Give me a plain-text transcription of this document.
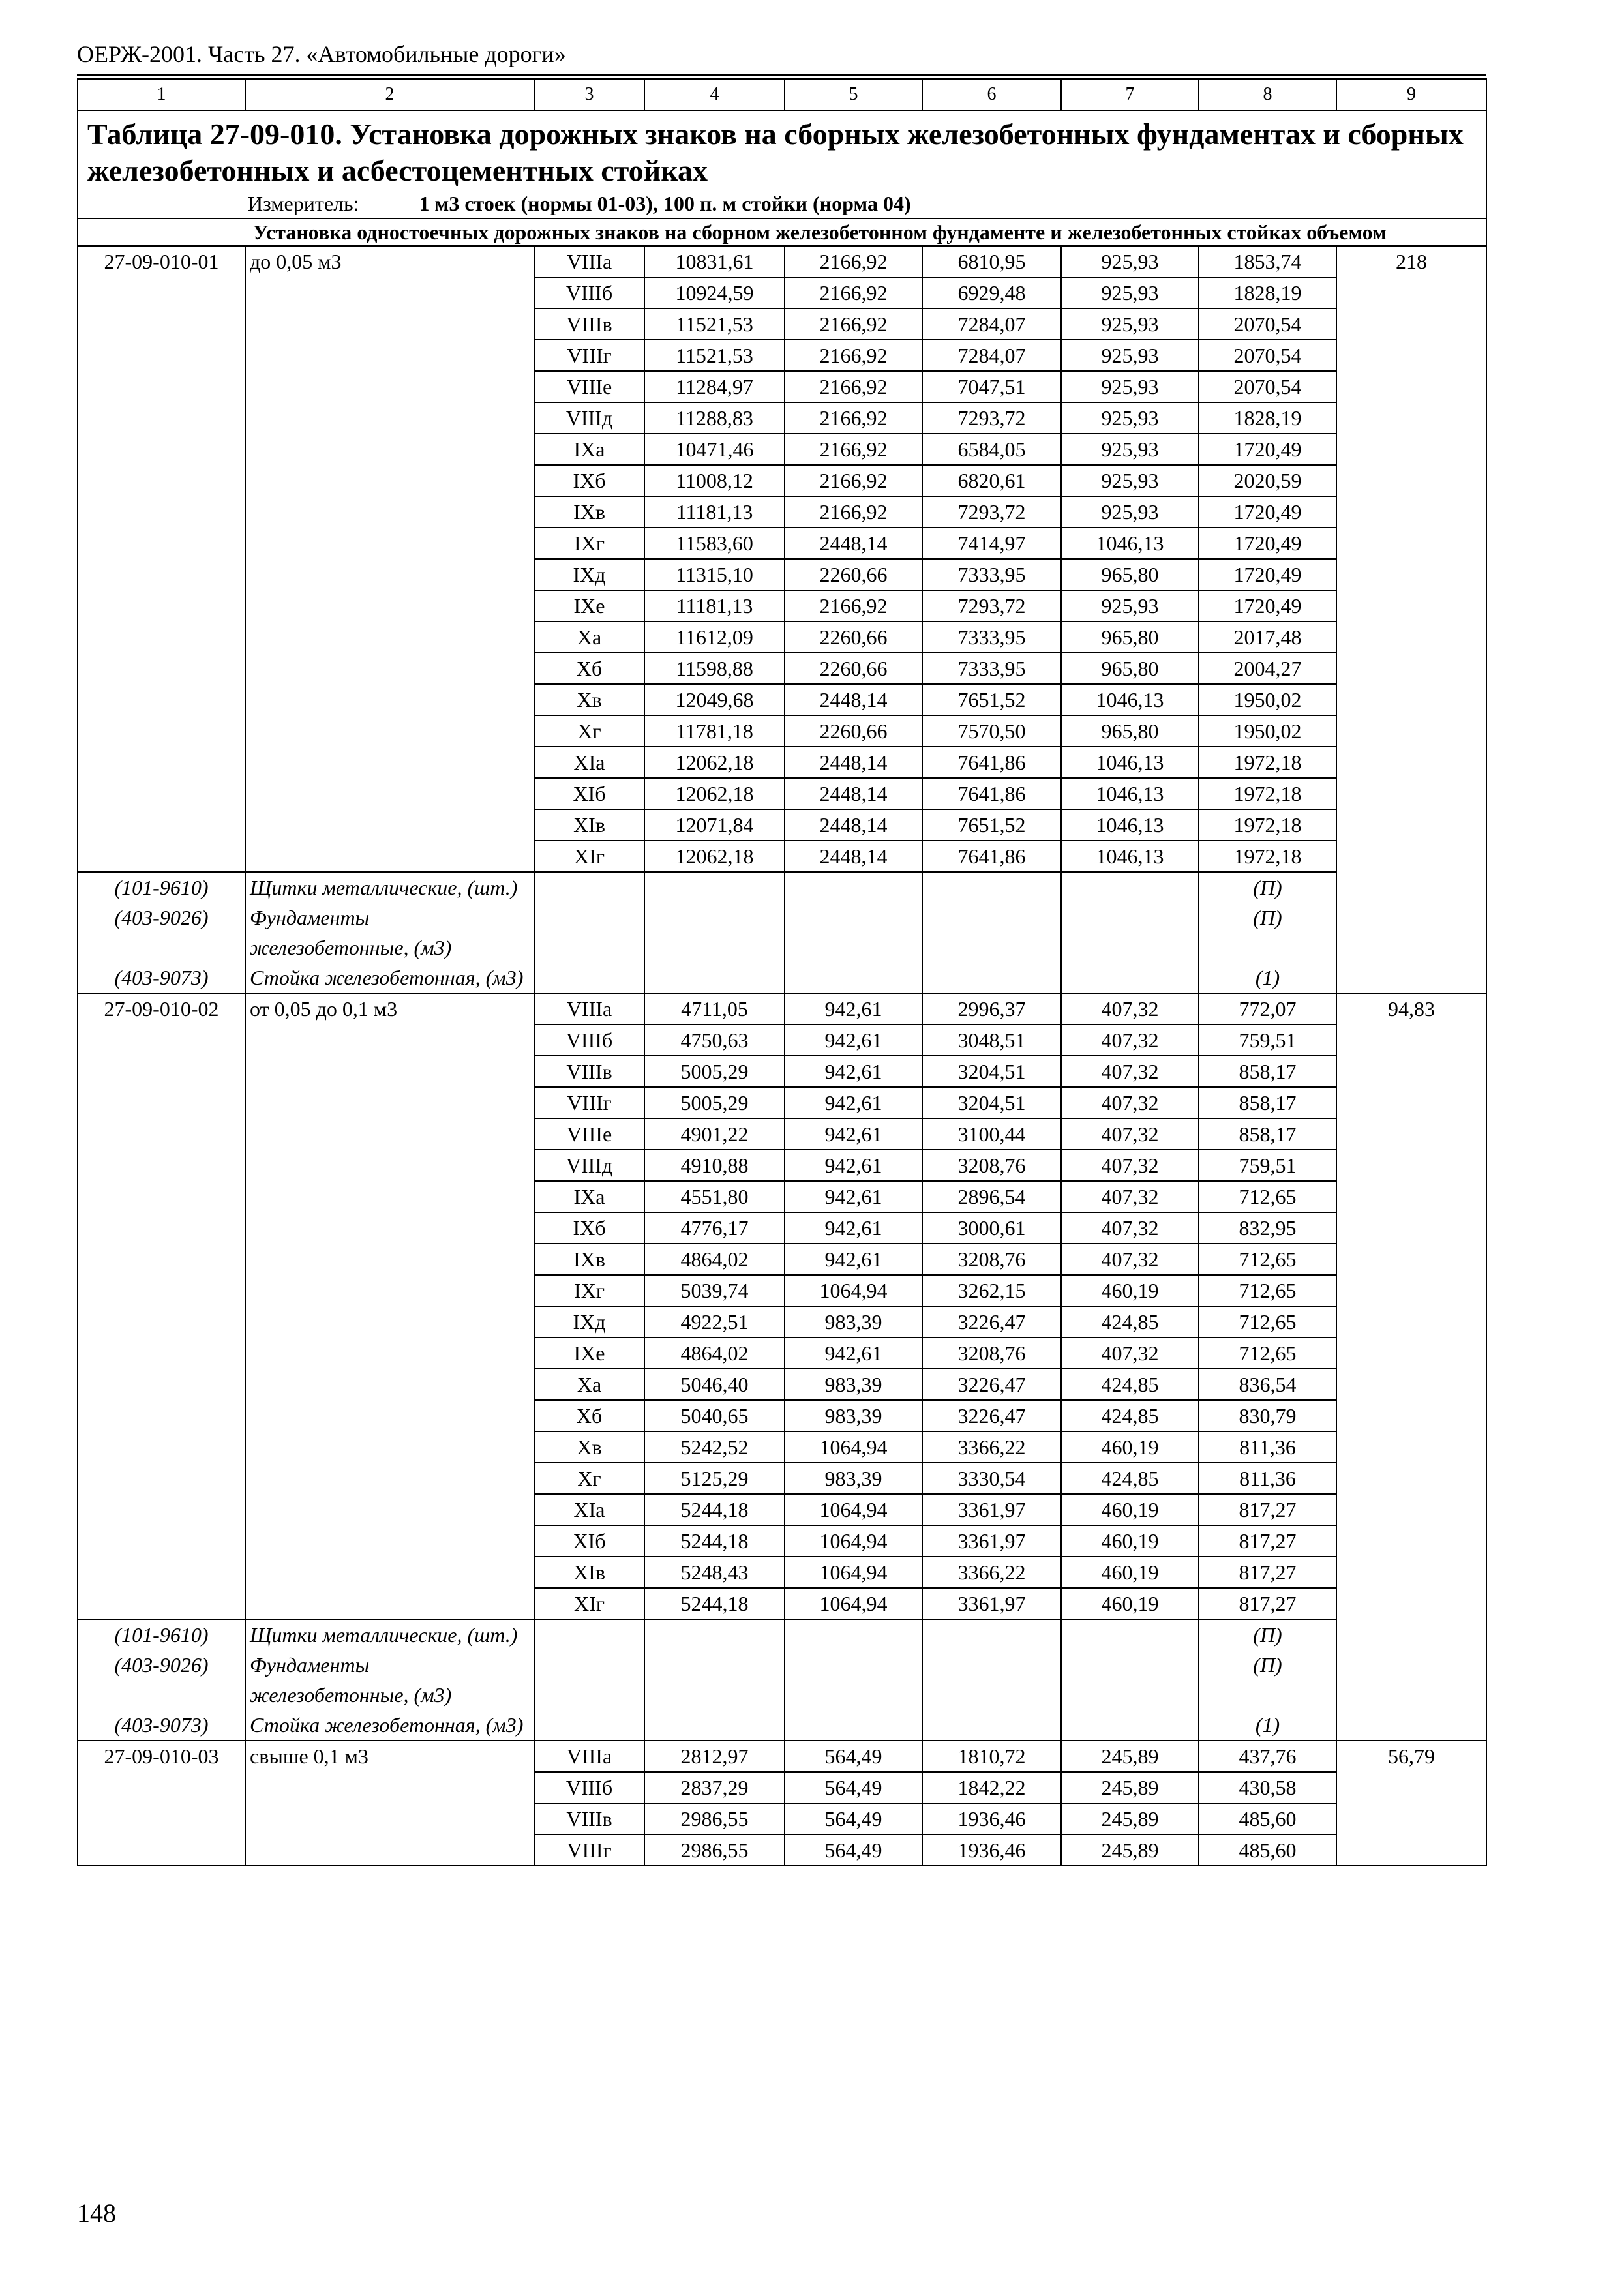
ОЕРЖ-2001. Часть 27. «Автомобильные дороги»
1	2	3	4	5	6	7	8	9
Таблица 27-09-010. Установка дорожных знаков на сборных железобетонных фундаментах и сборных железобетонных и асбестоцементных стойках								
Измеритель: 1 м3 стоек (нормы 01-03), 100 п. м стойки (норма 04)								
Установка одностоечных дорожных знаков на сборном железобетонном фундаменте и железобетонных стойках объемом								
27-09-010-01	до 0,05 м3	VIIIа	10831,61	2166,92	6810,95	925,93	1853,74	218
		VIIIб	10924,59	2166,92	6929,48	925,93	1828,19	
		VIIIв	11521,53	2166,92	7284,07	925,93	2070,54	
		VIIIг	11521,53	2166,92	7284,07	925,93	2070,54	
		VIIIе	11284,97	2166,92	7047,51	925,93	2070,54	
		VIIIд	11288,83	2166,92	7293,72	925,93	1828,19	
		IXа	10471,46	2166,92	6584,05	925,93	1720,49	
		IXб	11008,12	2166,92	6820,61	925,93	2020,59	
		IXв	11181,13	2166,92	7293,72	925,93	1720,49	
		IXг	11583,60	2448,14	7414,97	1046,13	1720,49	
		IXд	11315,10	2260,66	7333,95	965,80	1720,49	
		IXе	11181,13	2166,92	7293,72	925,93	1720,49	
		Xа	11612,09	2260,66	7333,95	965,80	2017,48	
		Xб	11598,88	2260,66	7333,95	965,80	2004,27	
		Xв	12049,68	2448,14	7651,52	1046,13	1950,02	
		Xг	11781,18	2260,66	7570,50	965,80	1950,02	
		XIа	12062,18	2448,14	7641,86	1046,13	1972,18	
		XIб	12062,18	2448,14	7641,86	1046,13	1972,18	
		XIв	12071,84	2448,14	7651,52	1046,13	1972,18	
		XIг	12062,18	2448,14	7641,86	1046,13	1972,18	
(101-9610)	Щитки металлические, (шт.)						(П)	
(403-9026)	Фундаменты железобетонные, (м3)						(П)	
(403-9073)	Стойка железобетонная, (м3)						(1)	
27-09-010-02	от 0,05 до 0,1 м3	VIIIа	4711,05	942,61	2996,37	407,32	772,07	94,83
		VIIIб	4750,63	942,61	3048,51	407,32	759,51	
		VIIIв	5005,29	942,61	3204,51	407,32	858,17	
		VIIIг	5005,29	942,61	3204,51	407,32	858,17	
		VIIIе	4901,22	942,61	3100,44	407,32	858,17	
		VIIIд	4910,88	942,61	3208,76	407,32	759,51	
		IXа	4551,80	942,61	2896,54	407,32	712,65	
		IXб	4776,17	942,61	3000,61	407,32	832,95	
		IXв	4864,02	942,61	3208,76	407,32	712,65	
		IXг	5039,74	1064,94	3262,15	460,19	712,65	
		IXд	4922,51	983,39	3226,47	424,85	712,65	
		IXе	4864,02	942,61	3208,76	407,32	712,65	
		Xа	5046,40	983,39	3226,47	424,85	836,54	
		Xб	5040,65	983,39	3226,47	424,85	830,79	
		Xв	5242,52	1064,94	3366,22	460,19	811,36	
		Xг	5125,29	983,39	3330,54	424,85	811,36	
		XIа	5244,18	1064,94	3361,97	460,19	817,27	
		XIб	5244,18	1064,94	3361,97	460,19	817,27	
		XIв	5248,43	1064,94	3366,22	460,19	817,27	
		XIг	5244,18	1064,94	3361,97	460,19	817,27	
(101-9610)	Щитки металлические, (шт.)						(П)	
(403-9026)	Фундаменты железобетонные, (м3)						(П)	
(403-9073)	Стойка железобетонная, (м3)						(1)	
27-09-010-03	свыше 0,1 м3	VIIIа	2812,97	564,49	1810,72	245,89	437,76	56,79
		VIIIб	2837,29	564,49	1842,22	245,89	430,58	
		VIIIв	2986,55	564,49	1936,46	245,89	485,60	
		VIIIг	2986,55	564,49	1936,46	245,89	485,60	
148
